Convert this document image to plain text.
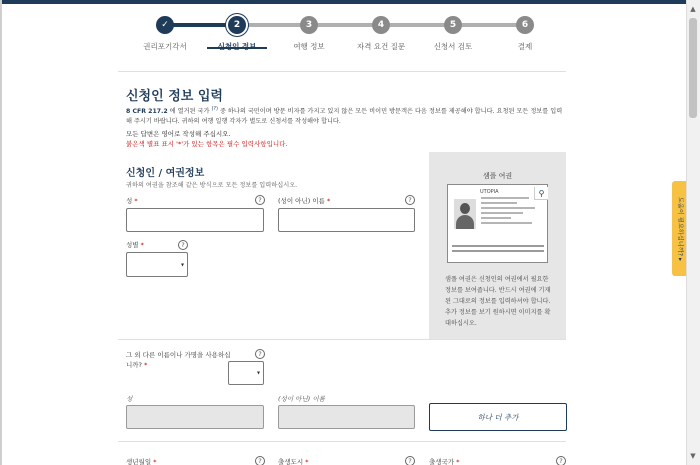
✓
권리포기각서
2	3
여행 정보
4
자격 요건 질문
5
신청서 검토
6
결제
신청인 정보 입력
8 CFR 217.2 에 열거된 국가 (?) 중 하나의 국민이며 방문 비자를 가지고 있지 않은 모든 비이민 방문객은 다음 정보를 제공해야 합니다. 요청된 모든 정보를 입력해 주시기 바랍니다. 귀하의 여행 일행 각자가 별도로 신청서를 작성해야 합니다.
모든 답변은 영어로 작성해 주십시오.
붉은색 별표 표시 '*'가 있는 항목은 필수 입력사항입니다.
신청인 / 여권정보
귀하의 여권을 참조해 같은 방식으로 모든 정보를 입력하십시오.
성 *	?	(성이 아닌) 이름 *	?
성별 *	?
▾
샘플 여권
UTOPIA	⚲
샘플 여권은 신청인의 여권에서 필요한 정보를 보여줍니다. 반드시 여권에 기재된 그대로의 정보를 입력하셔야 합니다. 추가 정보를 보기 원하시면 이미지를 확대하십시오.
그 외 다른 이름이나 가명을 사용하십니까? *
?
▾
성	(성이 아닌) 이름
하나 더 추가
생년월일 *	?	출생도시 *	?	출생국가 *	?
도움이 필요하십니까? ▸
▲
▼
